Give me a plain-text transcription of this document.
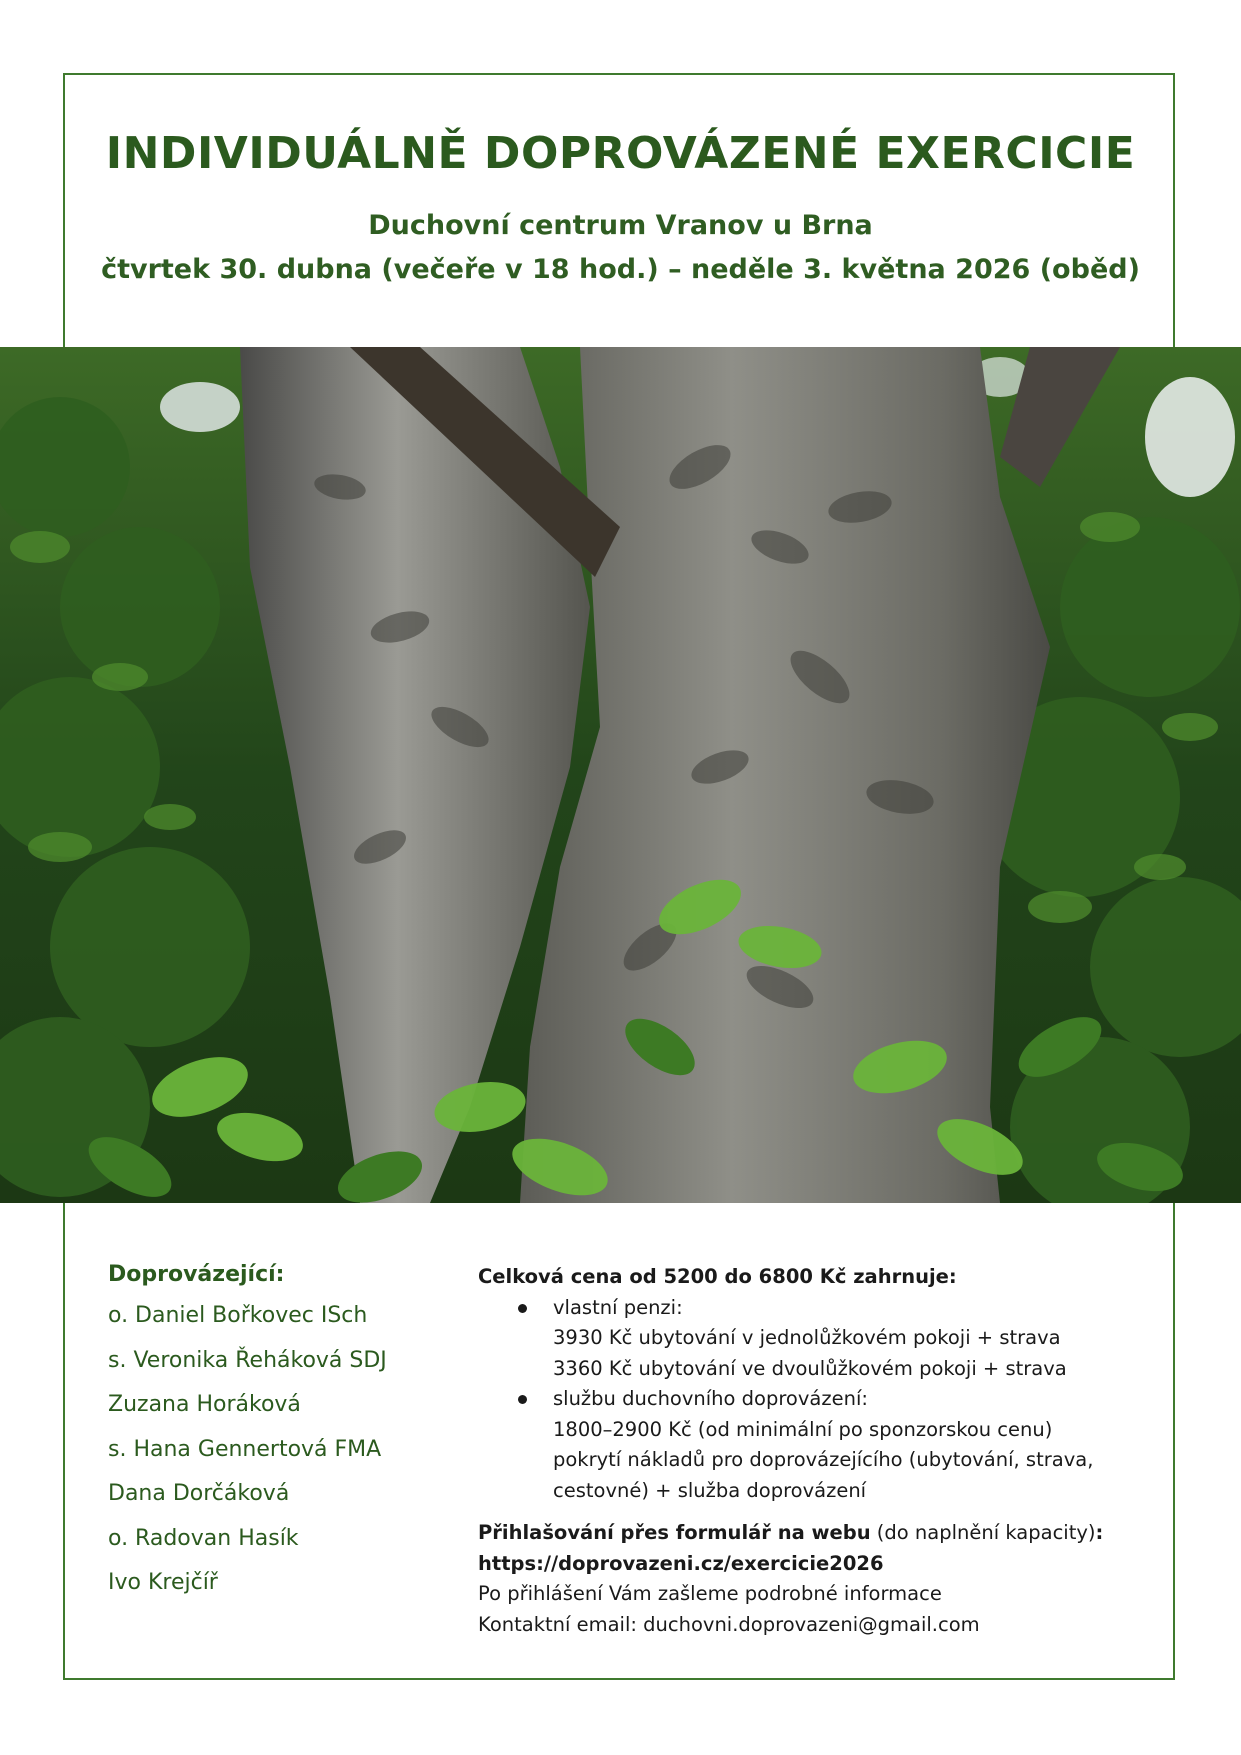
INDIVIDUÁLNĚ DOPROVÁZENÉ EXERCICIE
Duchovní centrum Vranov u Brna
čtvrtek 30. dubna (večeře v 18 hod.) – neděle 3. května 2026 (oběd)
Doprovázející:
o. Daniel Bořkovec ISch
s. Veronika Řeháková SDJ
Zuzana Horáková
s. Hana Gennertová FMA
Dana Dorčáková
o. Radovan Hasík
Ivo Krejčíř
Celková cena od 5200 do 6800 Kč zahrnuje:
vlastní penzi:
3930 Kč ubytování v jednolůžkovém pokoji + strava
3360 Kč ubytování ve dvoulůžkovém pokoji + strava
službu duchovního doprovázení:
1800–2900 Kč (od minimální po sponzorskou cenu)
pokrytí nákladů pro doprovázejícího (ubytování, strava,
cestovné) + služba doprovázení
Přihlašování přes formulář na webu (do naplnění kapacity):
https://doprovazeni.cz/exercicie2026
Po přihlášení Vám zašleme podrobné informace
Kontaktní email: duchovni.doprovazeni@gmail.com
